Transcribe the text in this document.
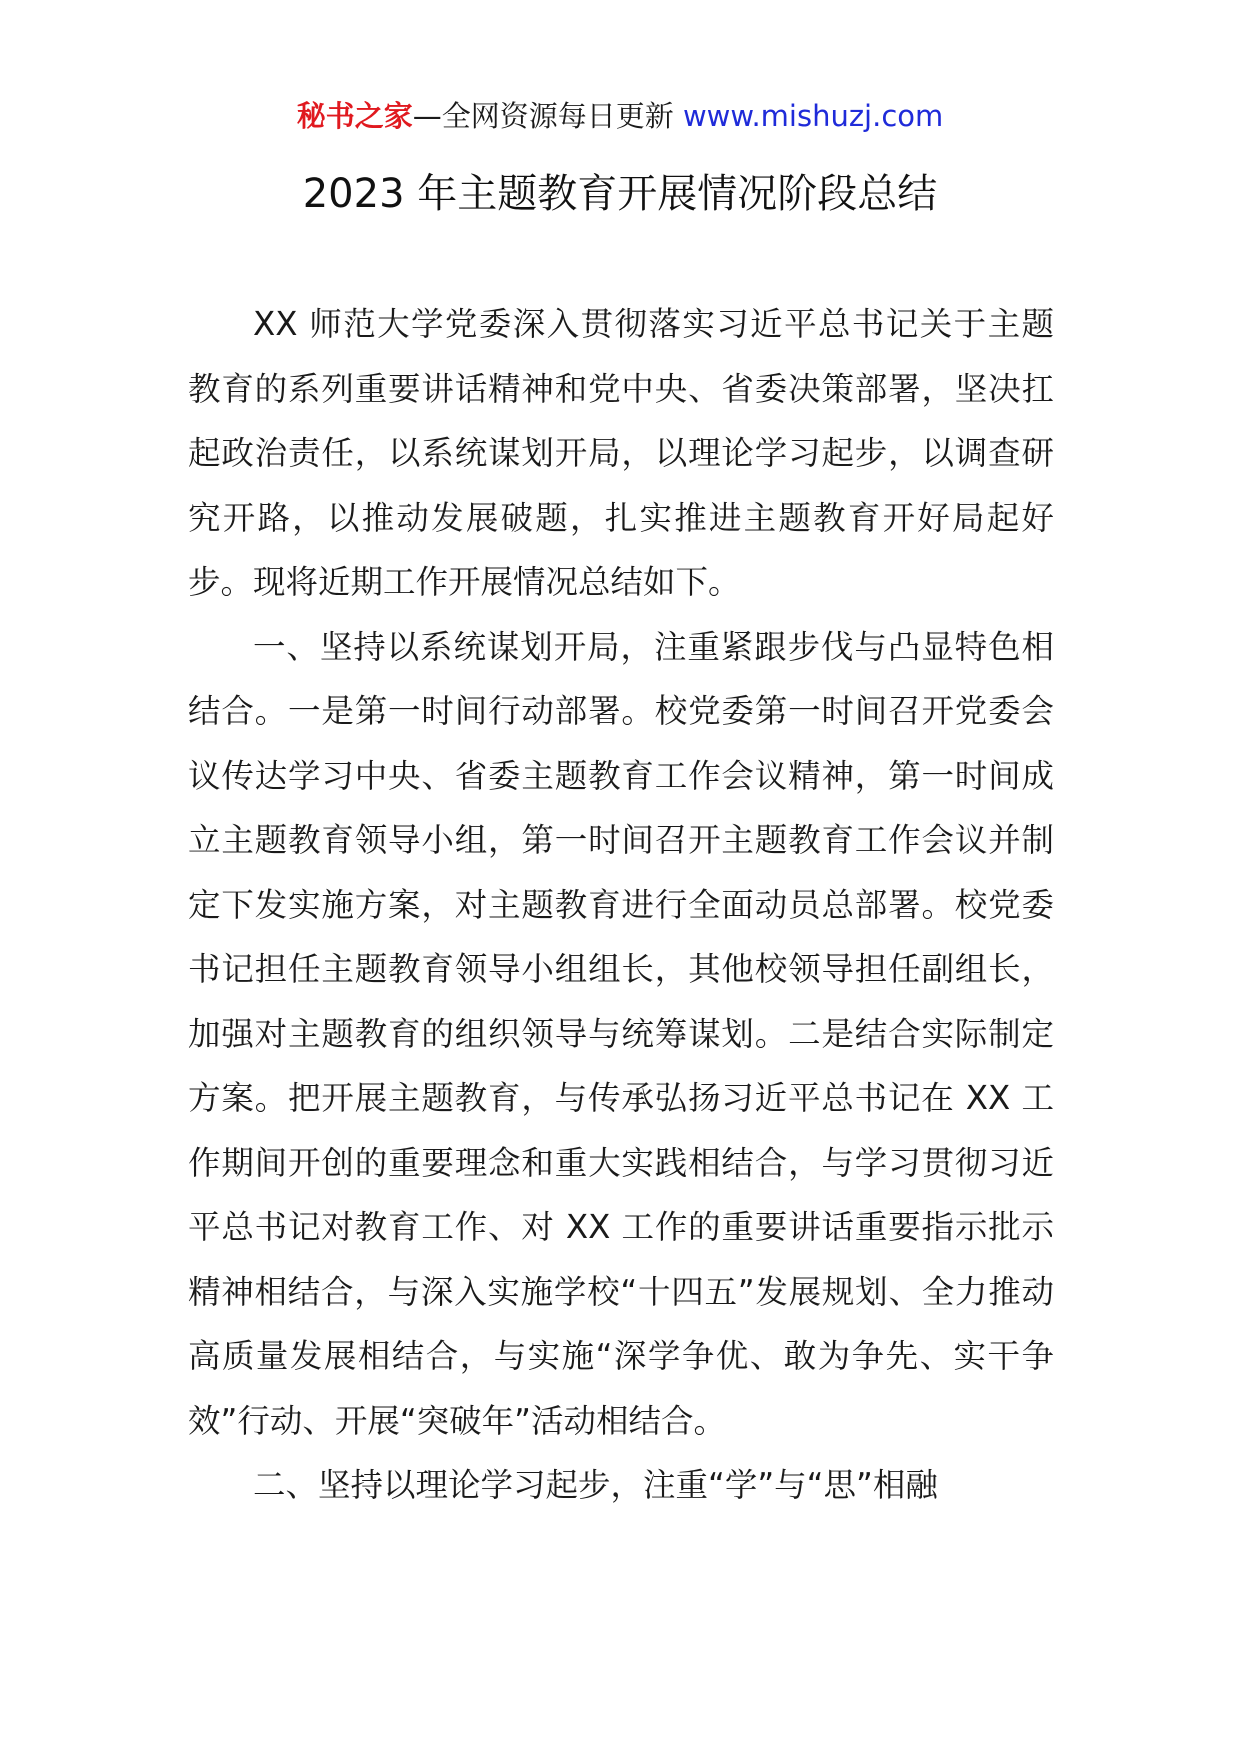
秘书之家—全网资源每日更新 www.mishuzj.com
2023 年主题教育开展情况阶段总结

XX 师范大学党委深入贯彻落实习近平总书记关于主题教育的系列重要讲话精神和党中央、省委决策部署，坚决扛起政治责任，以系统谋划开局，以理论学习起步，以调查研究开路，以推动发展破题，扎实推进主题教育开好局起好步。现将近期工作开展情况总结如下。

一、坚持以系统谋划开局，注重紧跟步伐与凸显特色相结合。一是第一时间行动部署。校党委第一时间召开党委会议传达学习中央、省委主题教育工作会议精神，第一时间成立主题教育领导小组，第一时间召开主题教育工作会议并制定下发实施方案，对主题教育进行全面动员总部署。校党委书记担任主题教育领导小组组长，其他校领导担任副组长，加强对主题教育的组织领导与统筹谋划。二是结合实际制定方案。把开展主题教育，与传承弘扬习近平总书记在 XX 工作期间开创的重要理念和重大实践相结合，与学习贯彻习近平总书记对教育工作、对 XX 工作的重要讲话重要指示批示精神相结合，与深入实施学校“十四五”发展规划、全力推动高质量发展相结合，与实施“深学争优、敢为争先、实干争效”行动、开展“突破年”活动相结合。

二、坚持以理论学习起步，注重“学”与“思”相融
